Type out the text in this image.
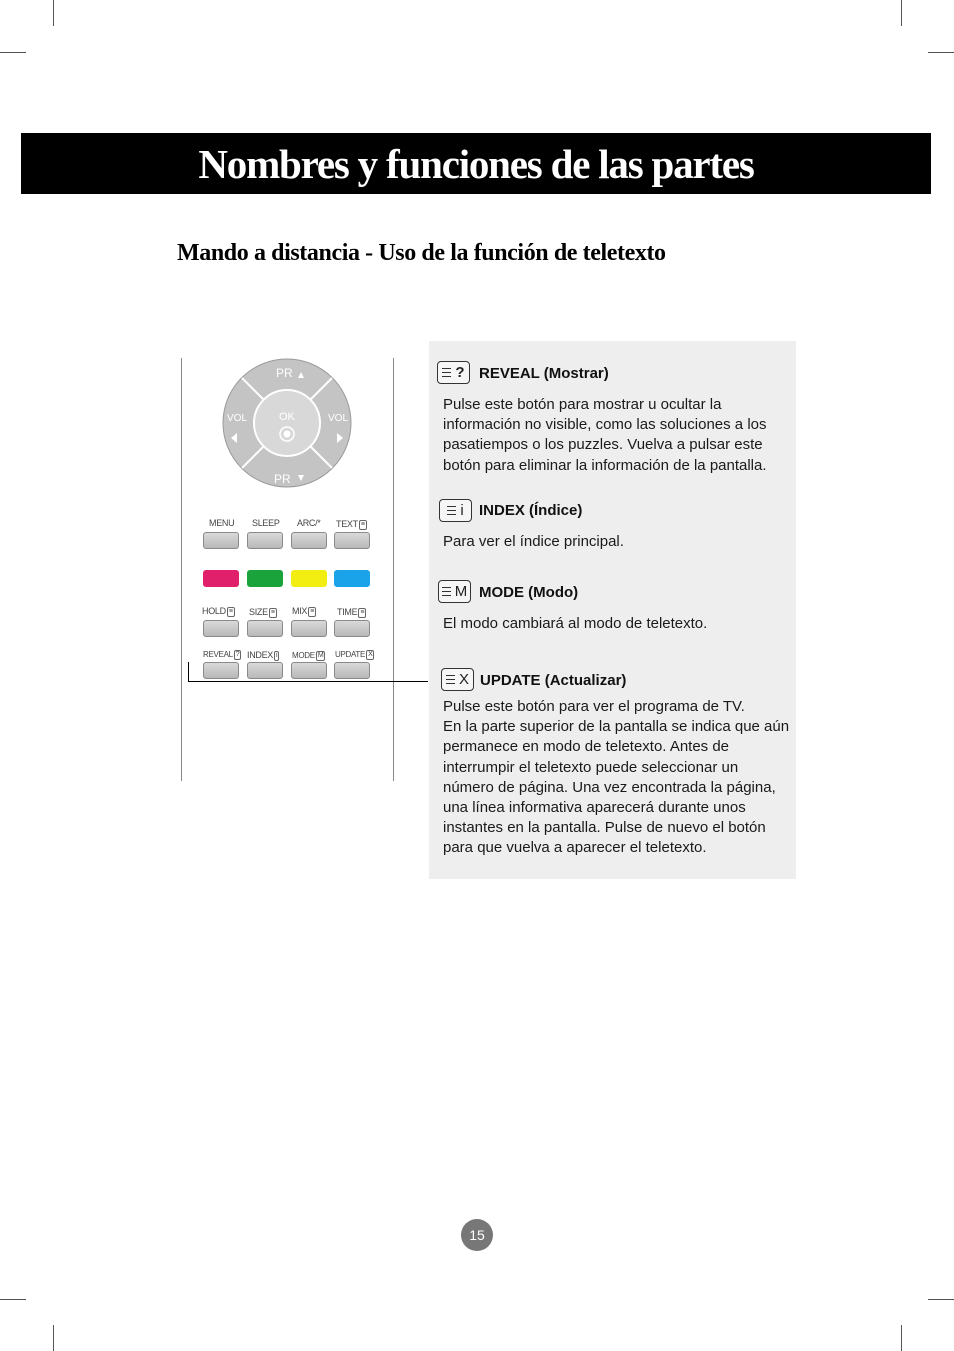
Nombres y funciones de las partes
Mando a distancia - Uso de la función de teletexto
PR
PR
VOL	VOL
OK
MENU SLEEP ARC/* TEXT ≡
HOLD ≡ SIZE ≡ MIX ≡	TIME ≡
REVEAL ? INDEX i MODE M UPDATE X
? REVEAL (Mostrar)
Pulse este botón para mostrar u ocultar la información no visible, como las soluciones a los pasatiempos o los puzzles. Vuelva a pulsar este botón para eliminar la información de la pantalla.
i INDEX (Índice)
Para ver el índice principal.
M MODE (Modo)
El modo cambiará al modo de teletexto.
X UPDATE (Actualizar)
Pulse este botón para ver el programa de TV.
En la parte superior de la pantalla se indica que aún permanece en modo de teletexto. Antes de interrumpir el teletexto puede seleccionar un número de página. Una vez encontrada la página, una línea informativa aparecerá durante unos instantes en la pantalla. Pulse de nuevo el botón para que vuelva a aparecer el teletexto.
15
